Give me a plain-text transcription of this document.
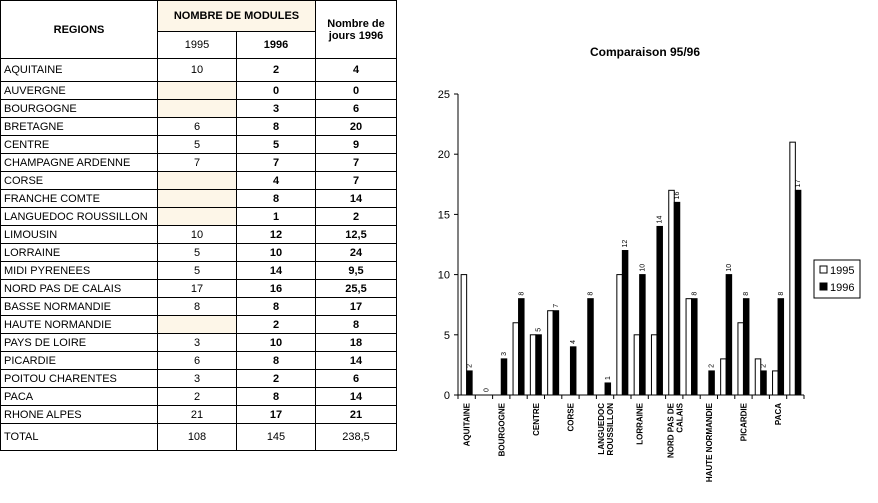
REGIONS	NOMBRE DE MODULES		Nombre de jours 1996
	1995	1996	
AQUITAINE	10	2	4
AUVERGNE		0	0
BOURGOGNE		3	6
BRETAGNE	6	8	20
CENTRE	5	5	9
CHAMPAGNE ARDENNE	7	7	7
CORSE		4	7
FRANCHE COMTE		8	14
LANGUEDOC ROUSSILLON		1	2
LIMOUSIN	10	12	12,5
LORRAINE	5	10	24
MIDI PYRENEES	5	14	9,5
NORD PAS DE CALAIS	17	16	25,5
BASSE NORMANDIE	8	8	17
HAUTE NORMANDIE		2	8
PAYS DE LOIRE	3	10	18
PICARDIE	6	8	14
POITOU CHARENTES	3	2	6
PACA	2	8	14
RHONE ALPES	21	17	21
TOTAL	108	145	238,5
Comparaison 95/96
0
5
10
15
20
25
2
0
3
8
5
7
4
8
1
12
10
14
16
8
2
10
8
2
8
17
AQUITAINE	BOURGOGNE	CENTRE	CORSE	LANGUEDOCROUSSILLON	LORRAINE	NORD PAS DECALAIS	HAUTE NORMANDIE	PICARDIE	PACA
1995
1996
